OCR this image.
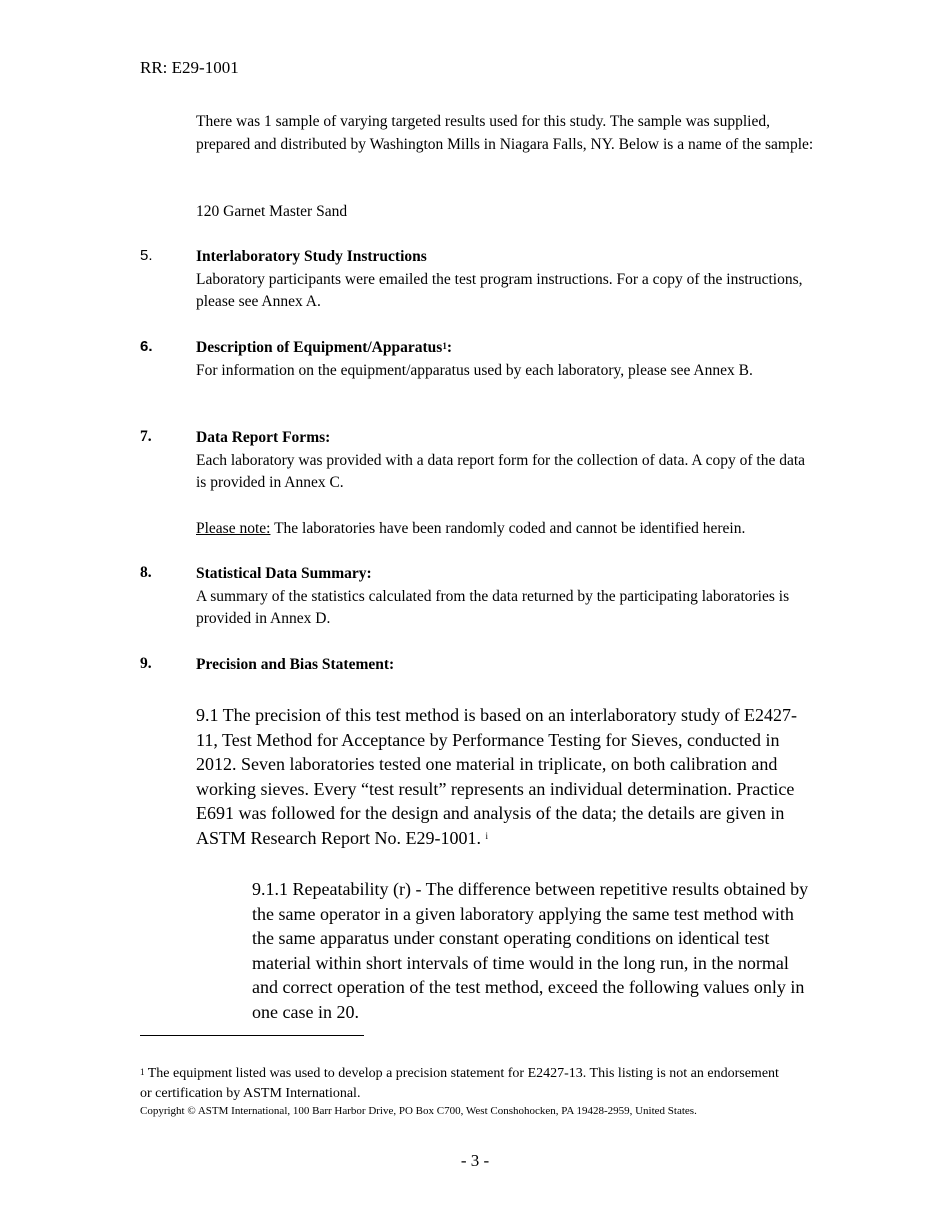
RR: E29-1001
There was 1 sample of varying targeted results used for this study. The sample was supplied, prepared and distributed by Washington Mills in Niagara Falls, NY. Below is a name of the sample:
120 Garnet Master Sand
5.	Interlaboratory Study Instructions
Laboratory participants were emailed the test program instructions. For a copy of the instructions, please see Annex A.
6.	Description of Equipment/Apparatus$^1$:
For information on the equipment/apparatus used by each laboratory, please see Annex B.
7.	Data Report Forms:
Each laboratory was provided with a data report form for the collection of data. A copy of the data is provided in Annex C.
Please note: The laboratories have been randomly coded and cannot be identified herein.
8.	Statistical Data Summary:
A summary of the statistics calculated from the data returned by the participating laboratories is provided in Annex D.
9.	Precision and Bias Statement:
9.1 The precision of this test method is based on an interlaboratory study of E2427-11, Test Method for Acceptance by Performance Testing for Sieves, conducted in 2012. Seven laboratories tested one material in triplicate, on both calibration and working sieves. Every “test result” represents an individual determination. Practice E691 was followed for the design and analysis of the data; the details are given in ASTM Research Report No. E29-1001. $^i$
9.1.1 Repeatability (r) - The difference between repetitive results obtained by the same operator in a given laboratory applying the same test method with the same apparatus under constant operating conditions on identical test material within short intervals of time would in the long run, in the normal and correct operation of the test method, exceed the following values only in one case in 20.
$^1$ The equipment listed was used to develop a precision statement for E2427-13. This listing is not an endorsement or certification by ASTM International.
Copyright © ASTM International, 100 Barr Harbor Drive, PO Box C700, West Conshohocken, PA 19428-2959, United States.
- 3 -
